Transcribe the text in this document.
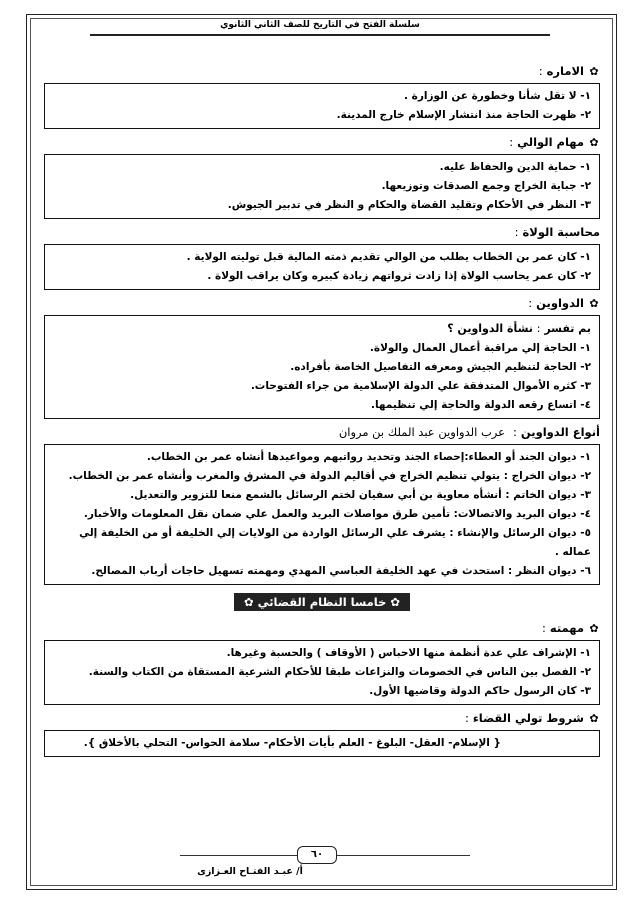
سلسلة الفتح في التاريخ للصف الثاني الثانوي
✿ الاماره :
١- لا تقل شأنا وخطورة عن الوزارة .
٢- ظهرت الحاجة منذ انتشار الإسلام خارج المدينة.
✿ مهام الوالي :
١- حماية الدين والحفاظ عليه.
٢- جباية الخراج وجمع الصدقات وتوزيعها.
٣- النظر في الأحكام وتقليد القضاة والحكام و النظر في تدبير الجيوش.
محاسبة الولاة :
١- كان عمر بن الخطاب يطلب من الوالي تقديم ذمته المالية قبل توليته الولاية .
٢- كان عمر يحاسب الولاة إذا زادت ثرواتهم زيادة كبيره وكان يراقب الولاة .
✿ الدواوين :
بم تفسر : نشأة الدواوين ؟
١- الحاجة إلي مراقبة أعمال العمال والولاة.
٢- الحاجة لتنظيم الجيش ومعرفه التفاصيل الخاصة بأفراده.
٣- كثره الأموال المتدفقة علي الدولة الإسلامية من جراء الفتوحات.
٤- اتساع رقعه الدولة والحاجة إلي تنظيمها.
أنواع الدواوين : عرب الدواوين عبد الملك بن مروان
١- ديوان الجند أو العطاء:إحصاء الجند وتحديد رواتبهم ومواعيدها أنشاه عمر بن الخطاب.
٢- ديوان الخراج : يتولي تنظيم الخراج في أقاليم الدولة في المشرق والمغرب وأنشاه عمر بن الخطاب.
٣- ديوان الخاتم : أنشأه معاوية بن أبي سفيان لختم الرسائل بالشمع منعا للتزوير والتعديل.
٤- ديوان البريد والاتصالات: تأمين طرق مواصلات البريد والعمل علي ضمان نقل المعلومات والأخبار.
٥- ديوان الرسائل والإنشاء : يشرف علي الرسائل الواردة من الولايات إلي الخليفة أو من الخليفة إلي عماله .
٦- ديوان النظر : استحدث في عهد الخليفة العباسي المهدي ومهمته تسهيل حاجات أرباب المصالح.
✿ خامسا النظام القضائي ✿
✿ مهمته :
١- الإشراف علي عدة أنظمة منها الاحباس ( الأوقاف ) والحسبة وغيرها.
٢- الفصل بين الناس في الخصومات والنزاعات طبقا للأحكام الشرعية المستقاة من الكتاب والسنة.
٣- كان الرسول حاكم الدولة وقاضيها الأول.
✿ شروط تولي القضاء :
{ الإسلام- العقل- البلوغ - العلم بأيات الأحكام- سلامة الحواس- التحلي بالأخلاق }.
٦٠
أ/ عبـد الفتـاح العـزازى
